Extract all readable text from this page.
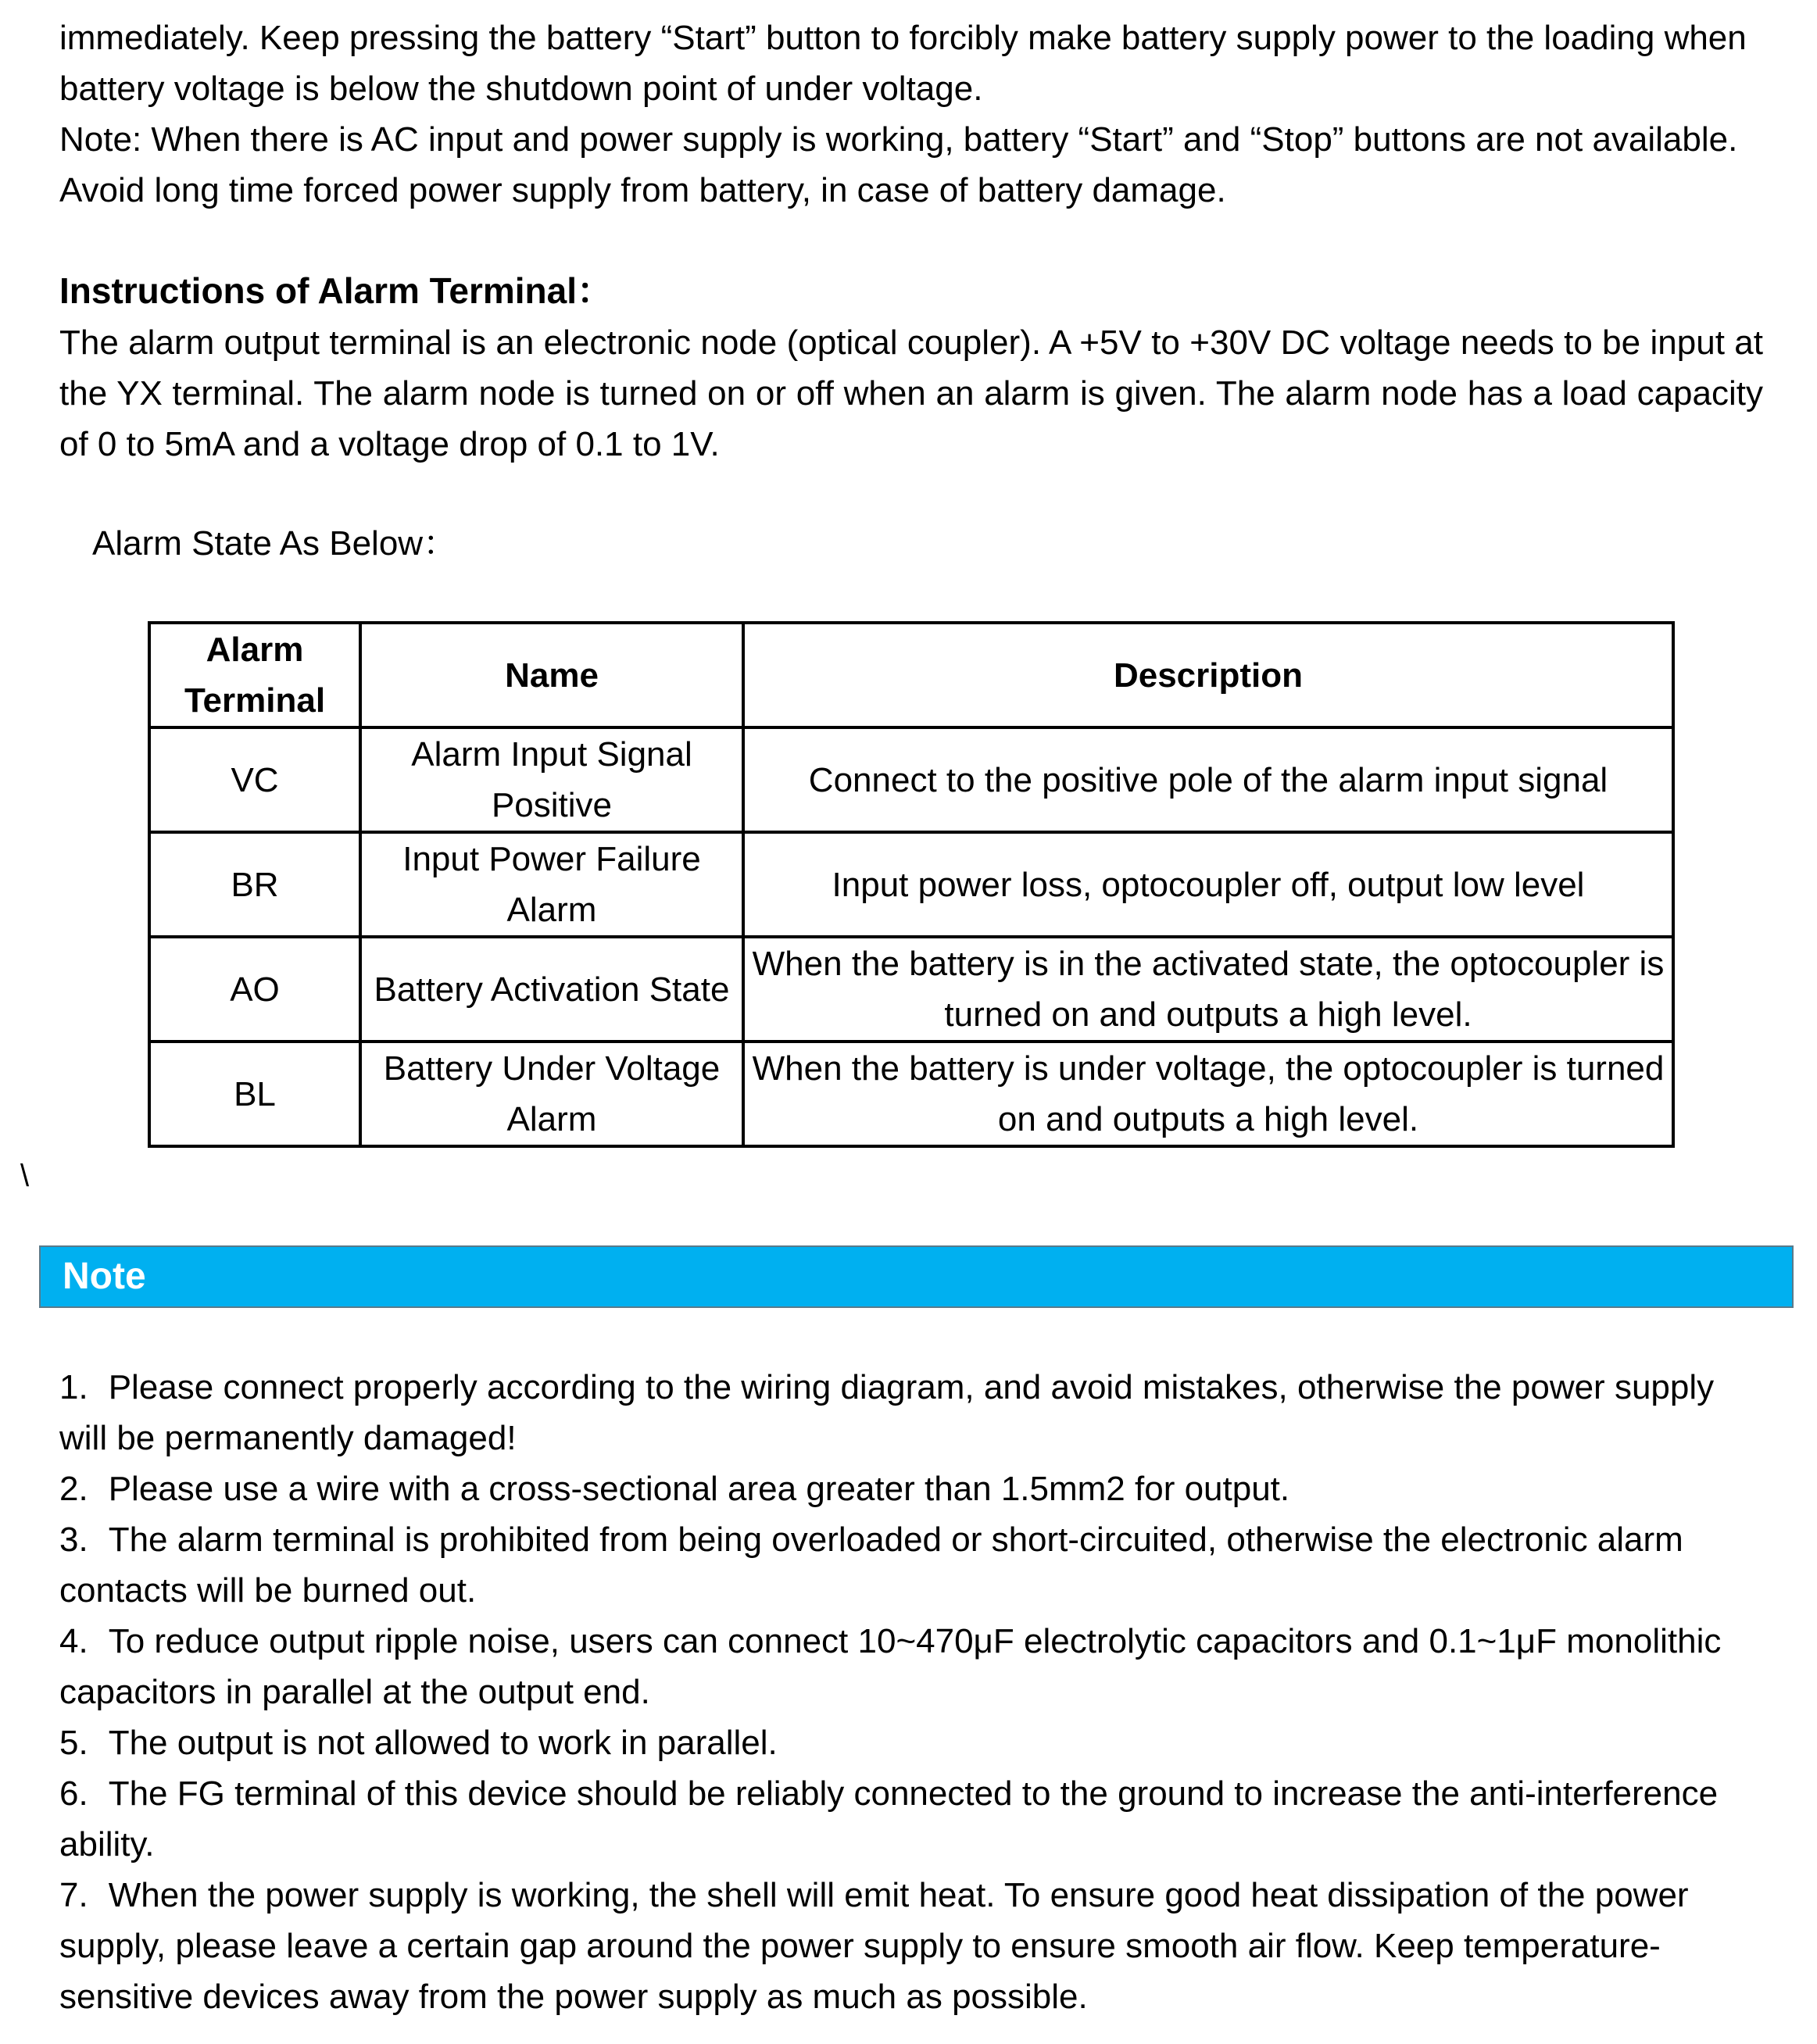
immediately. Keep pressing the battery “Start” button to forcibly make battery supply power to the loading when battery voltage is below the shutdown point of under voltage.

Note: When there is AC input and power supply is working, battery “Start” and “Stop” buttons are not available. Avoid long time forced power supply from battery, in case of battery damage.

Instructions of Alarm Terminal：

The alarm output terminal is an electronic node (optical coupler). A +5V to +30V DC voltage needs to be input at the YX terminal. The alarm node is turned on or off when an alarm is given. The alarm node has a load capacity of 0 to 5mA and a voltage drop of 0.1 to 1V.

Alarm State As Below：

Alarm Terminal	Name	Description
VC	Alarm Input Signal Positive	Connect to the positive pole of the alarm input signal
BR	Input Power Failure Alarm	Input power loss, optocoupler off, output low level
AO	Battery Activation State	When the battery is in the activated state, the optocoupler is turned on and outputs a high level.
BL	Battery Under Voltage Alarm	When the battery is under voltage, the optocoupler is turned on and outputs a high level.
\
Note
1. Please connect properly according to the wiring diagram, and avoid mistakes, otherwise the power supply will be permanently damaged!
2. Please use a wire with a cross-sectional area greater than 1.5mm2 for output.
3. The alarm terminal is prohibited from being overloaded or short-circuited, otherwise the electronic alarm contacts will be burned out.
4. To reduce output ripple noise, users can connect 10~470μF electrolytic capacitors and 0.1~1μF monolithic capacitors in parallel at the output end.
5. The output is not allowed to work in parallel.
6. The FG terminal of this device should be reliably connected to the ground to increase the anti-interference ability.
7. When the power supply is working, the shell will emit heat. To ensure good heat dissipation of the power supply, please leave a certain gap around the power supply to ensure smooth air flow. Keep temperature-sensitive devices away from the power supply as much as possible.
